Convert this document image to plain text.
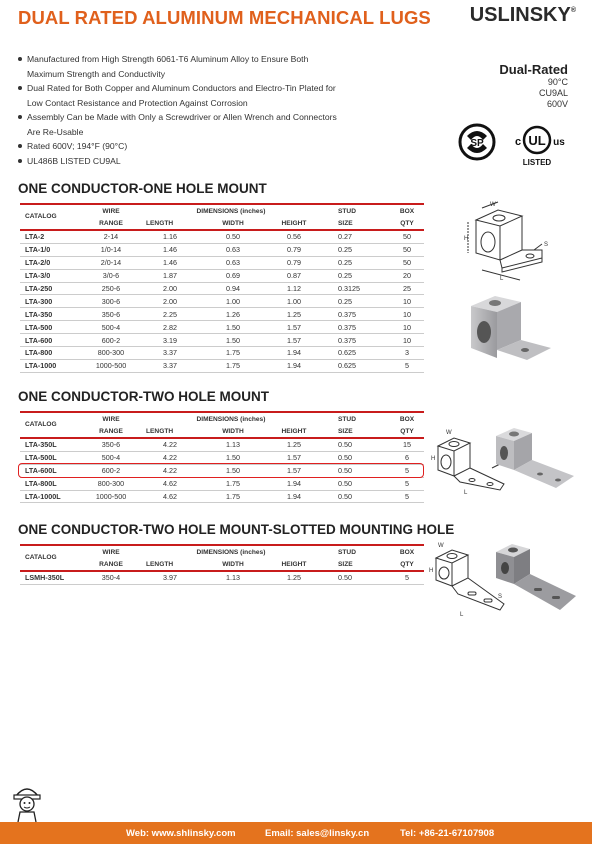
DUAL RATED ALUMINUM MECHANICAL LUGS USLINSKY®
Manufactured from High Strength 6061-T6 Aluminum Alloy to Ensure Both Maximum Strength and Conductivity
Dual Rated for Both Copper and Aluminum Conductors and Electro-Tin Plated for Low Contact Resistance and Protection Against Corrosion
Assembly Can be Made with Only a Screwdriver or Allen Wrench and Connectors Are Re-Usable
Rated 600V; 194°F (90°C)
UL486B LISTED CU9AL
Dual-Rated
90°C
CU9AL
600V
SP	UL
c	us
LISTED
ONE CONDUCTOR-ONE HOLE MOUNT
CATALOG	WIRE	DIMENSIONS (inches)			STUD	BOX
	RANGE	LENGTH	WIDTH	HEIGHT	SIZE	QTY
LTA-2	2-14	1.16	0.50	0.56	0.27	50
LTA-1/0	1/0-14	1.46	0.63	0.79	0.25	50
LTA-2/0	2/0-14	1.46	0.63	0.79	0.25	50
LTA-3/0	3/0-6	1.87	0.69	0.87	0.25	20
LTA-250	250-6	2.00	0.94	1.12	0.3125	25
LTA-300	300-6	2.00	1.00	1.00	0.25	10
LTA-350	350-6	2.25	1.26	1.25	0.375	10
LTA-500	500-4	2.82	1.50	1.57	0.375	10
LTA-600	600-2	3.19	1.50	1.57	0.375	10
LTA-800	800-300	3.37	1.75	1.94	0.625	3
LTA-1000	1000-500	3.37	1.75	1.94	0.625	5
ONE CONDUCTOR-TWO HOLE MOUNT
CATALOG	WIRE	DIMENSIONS (inches)			STUD	BOX
	RANGE	LENGTH	WIDTH	HEIGHT	SIZE	QTY
LTA-350L	350-6	4.22	1.13	1.25	0.50	15
LTA-500L	500-4	4.22	1.50	1.57	0.50	6
LTA-600L	600-2	4.22	1.50	1.57	0.50	5
LTA-800L	800-300	4.62	1.75	1.94	0.50	5
LTA-1000L	1000-500	4.62	1.75	1.94	0.50	5
ONE CONDUCTOR-TWO HOLE MOUNT-SLOTTED MOUNTING HOLE
CATALOG	WIRE	DIMENSIONS (inches)			STUD	BOX
	RANGE	LENGTH	WIDTH	HEIGHT	SIZE	QTY
LSMH-350L	350-4	3.97	1.13	1.25	0.50	5
W
H
L
S
W
H
L
W
H
L
S
Web: www.shlinsky.com	Email: sales@linsky.cn	Tel: +86-21-67107908
